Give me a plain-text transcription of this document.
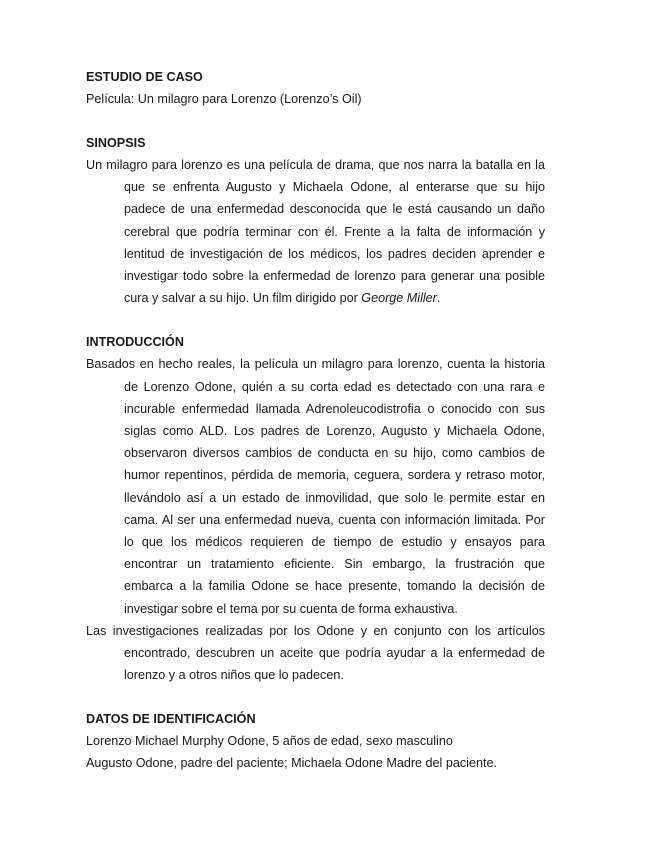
ESTUDIO DE CASO

Película: Un milagro para Lorenzo (Lorenzo’s Oil)

SINOPSIS

Un milagro para lorenzo es una película de drama, que nos narra la batalla en la que se enfrenta Augusto y Michaela Odone, al enterarse que su hijo padece de una enfermedad desconocida que le está causando un daño cerebral que podría terminar con él. Frente a la falta de información y lentitud de investigación de los médicos, los padres deciden aprender e investigar todo sobre la enfermedad de lorenzo para generar una posible cura y salvar a su hijo. Un film dirigido por George Miller.

INTRODUCCIÓN

Basados en hecho reales, la película un milagro para lorenzo, cuenta la historia de Lorenzo Odone, quién a su corta edad es detectado con una rara e incurable enfermedad llamada Adrenoleucodistrofia o conocido con sus siglas como ALD. Los padres de Lorenzo, Augusto y Michaela Odone, observaron diversos cambios de conducta en su hijo, como cambios de humor repentinos, pérdida de memoria, ceguera, sordera y retraso motor, llevándolo así a un estado de inmovilidad, que solo le permite estar en cama. Al ser una enfermedad nueva, cuenta con información limitada. Por lo que los médicos requieren de tiempo de estudio y ensayos para encontrar un tratamiento eficiente. Sin embargo, la frustración que embarca a la familia Odone se hace presente, tomando la decisión de investigar sobre el tema por su cuenta de forma exhaustiva.

Las investigaciones realizadas por los Odone y en conjunto con los artículos encontrado, descubren un aceite que podría ayudar a la enfermedad de lorenzo y a otros niños que lo padecen.

DATOS DE IDENTIFICACIÓN

Lorenzo Michael Murphy Odone, 5 años de edad, sexo masculino

Augusto Odone, padre del paciente; Michaela Odone Madre del paciente.
